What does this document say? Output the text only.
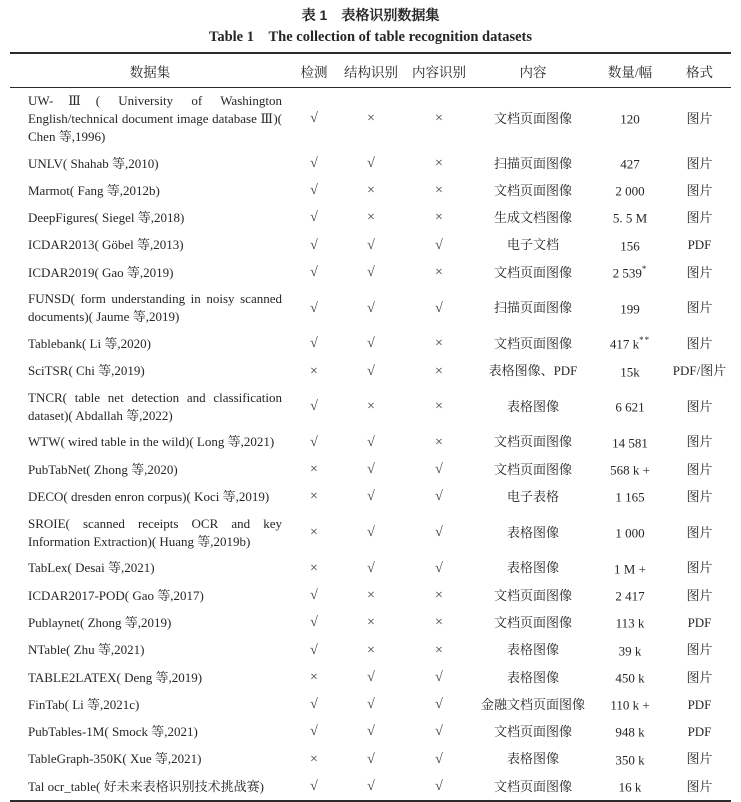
表 1　表格识别数据集
Table 1　The collection of table recognition datasets
数据集	检测	结构识别	内容识别	内容	数量/幅	格式
UW-Ⅲ( University of Washington English/technical document image database Ⅲ)( Chen 等,1996)	√	×	×	文档页面图像	120	图片
UNLV( Shahab 等,2010)	√	√	×	扫描页面图像	427	图片
Marmot( Fang 等,2012b)	√	×	×	文档页面图像	2 000	图片
DeepFigures( Siegel 等,2018)	√	×	×	生成文档图像	5. 5 M	图片
ICDAR2013( Göbel 等,2013)	√	√	√	电子文档	156	PDF
ICDAR2019( Gao 等,2019)	√	√	×	文档页面图像	2 539*	图片
FUNSD( form understanding in noisy scanned documents)( Jaume 等,2019)	√	√	√	扫描页面图像	199	图片
Tablebank( Li 等,2020)	√	√	×	文档页面图像	417 k**	图片
SciTSR( Chi 等,2019)	×	√	×	表格图像、PDF	15k	PDF/图片
TNCR( table net detection and classification dataset)( Abdallah 等,2022)	√	×	×	表格图像	6 621	图片
WTW( wired table in the wild)( Long 等,2021)	√	√	×	文档页面图像	14 581	图片
PubTabNet( Zhong 等,2020)	×	√	√	文档页面图像	568 k +	图片
DECO( dresden enron corpus)( Koci 等,2019)	×	√	√	电子表格	1 165	图片
SROIE( scanned receipts OCR and key Information Extraction)( Huang 等,2019b)	×	√	√	表格图像	1 000	图片
TabLex( Desai 等,2021)	×	√	√	表格图像	1 M +	图片
ICDAR2017-POD( Gao 等,2017)	√	×	×	文档页面图像	2 417	图片
Publaynet( Zhong 等,2019)	√	×	×	文档页面图像	113 k	PDF
NTable( Zhu 等,2021)	√	×	×	表格图像	39 k	图片
TABLE2LATEX( Deng 等,2019)	×	√	√	表格图像	450 k	图片
FinTab( Li 等,2021c)	√	√	√	金融文档页面图像	110 k +	PDF
PubTables-1M( Smock 等,2021)	√	√	√	文档页面图像	948 k	PDF
TableGraph-350K( Xue 等,2021)	×	√	√	表格图像	350 k	图片
Tal ocr_table( 好未来表格识别技术挑战赛)	√	√	√	文档页面图像	16 k	图片
